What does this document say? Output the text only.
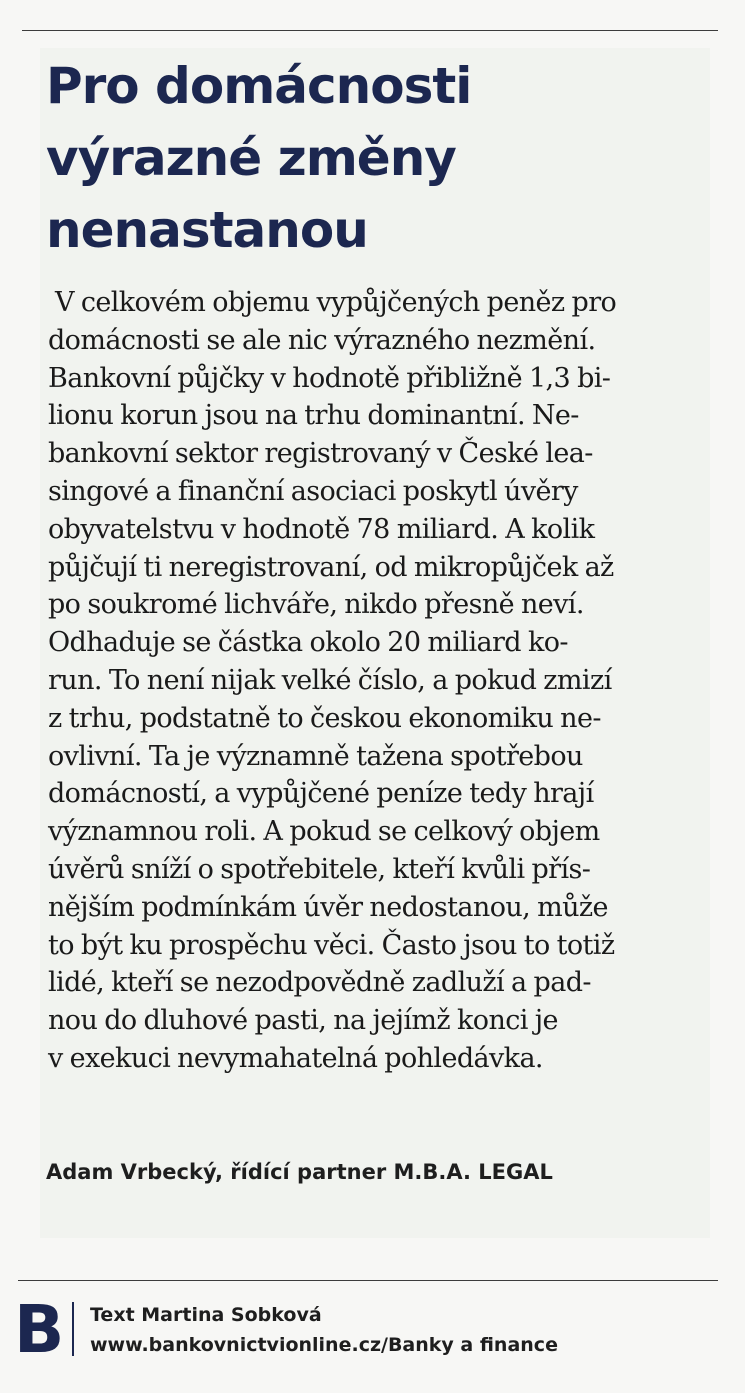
Pro domácnosti
výrazné změny
nenastanou
V celkovém objemu vypůjčených peněz pro
domácnosti se ale nic výrazného nezmění.
Bankovní půjčky v hodnotě přibližně 1,3 bi-
lionu korun jsou na trhu dominantní. Ne-
bankovní sektor registrovaný v České lea-
singové a finanční asociaci poskytl úvěry
obyvatelstvu v hodnotě 78 miliard. A kolik
půjčují ti neregistrovaní, od mikropůjček až
po soukromé lichváře, nikdo přesně neví.
Odhaduje se částka okolo 20 miliard ko-
run. To není nijak velké číslo, a pokud zmizí
z trhu, podstatně to českou ekonomiku ne-
ovlivní. Ta je významně tažena spotřebou
domácností, a vypůjčené peníze tedy hrají
významnou roli. A pokud se celkový objem
úvěrů sníží o spotřebitele, kteří kvůli přís-
nějším podmínkám úvěr nedostanou, může
to být ku prospěchu věci. Často jsou to totiž
lidé, kteří se nezodpovědně zadluží a pad-
nou do dluhové pasti, na jejímž konci je
v exekuci nevymahatelná pohledávka.

Adam Vrbecký, řídící partner M.B.A. LEGAL

B Text Martina Sobková

www.bankovnictvionline.cz/Banky a finance
